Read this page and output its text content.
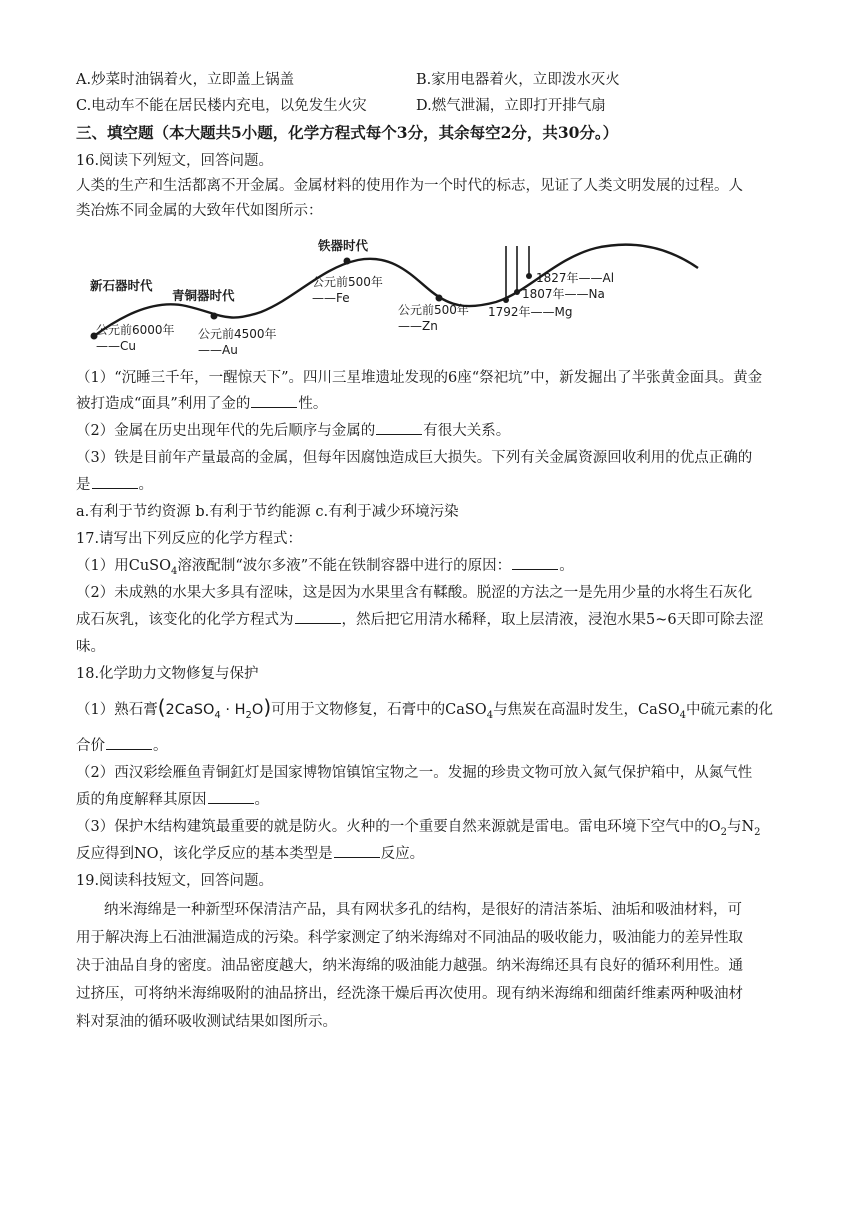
A.炒菜时油锅着火，立即盖上锅盖	B.家用电器着火，立即泼水灭火
C.电动车不能在居民楼内充电，以免发生火灾	D.燃气泄漏，立即打开排气扇
三、填空题（本大题共5小题，化学方程式每个3分，其余每空2分，共30分。）
16.阅读下列短文，回答问题。
人类的生产和生活都离不开金属。金属材料的使用作为一个时代的标志，见证了人类文明发展的过程。人
类冶炼不同金属的大致年代如图所示：
新石器时代
青铜器时代
铁器时代
公元前6000年
——Cu
公元前4500年
——Au
公元前500年
——Fe
公元前500年
——Zn
1827年——Al
1807年——Na
1792年——Mg
（1）“沉睡三千年，一醒惊天下”。四川三星堆遗址发现的6座“祭祀坑”中，新发掘出了半张黄金面具。黄金
被打造成“面具”利用了金的	性。
（2）金属在历史出现年代的先后顺序与金属的	有很大关系。
（3）铁是目前年产量最高的金属，但每年因腐蚀造成巨大损失。下列有关金属资源回收利用的优点正确的
是	。
a.有利于节约资源 b.有利于节约能源 c.有利于减少环境污染
17.请写出下列反应的化学方程式：
（1）用CuSO$_4$溶液配制“波尔多液”不能在铁制容器中进行的原因：	。
（2）未成熟的水果大多具有涩味，这是因为水果里含有鞣酸。脱涩的方法之一是先用少量的水将生石灰化
成石灰乳，该变化的化学方程式为	，然后把它用清水稀释，取上层清液，浸泡水果5~6天即可除去涩
味。
18.化学助力文物修复与保护
（1）熟石膏(2CaSO$_4$ · $H_2O$)可用于文物修复，石膏中的CaSO$_4$与焦炭在高温时发生，CaSO$_4$中硫元素的化
合价	。
（2）西汉彩绘雁鱼青铜釭灯是国家博物馆镇馆宝物之一。发掘的珍贵文物可放入氮气保护箱中，从氮气性
质的角度解释其原因	。
（3）保护木结构建筑最重要的就是防火。火种的一个重要自然来源就是雷电。雷电环境下空气中的$O_2$与$N_2$
反应得到NO，该化学反应的基本类型是	反应。
19.阅读科技短文，回答问题。
纳米海绵是一种新型环保清洁产品，具有网状多孔的结构，是很好的清洁茶垢、油垢和吸油材料，可
用于解决海上石油泄漏造成的污染。科学家测定了纳米海绵对不同油品的吸收能力，吸油能力的差异性取
决于油品自身的密度。油品密度越大，纳米海绵的吸油能力越强。纳米海绵还具有良好的循环利用性。通
过挤压，可将纳米海绵吸附的油品挤出，经洗涤干燥后再次使用。现有纳米海绵和细菌纤维素两种吸油材
料对泵油的循环吸收测试结果如图所示。
